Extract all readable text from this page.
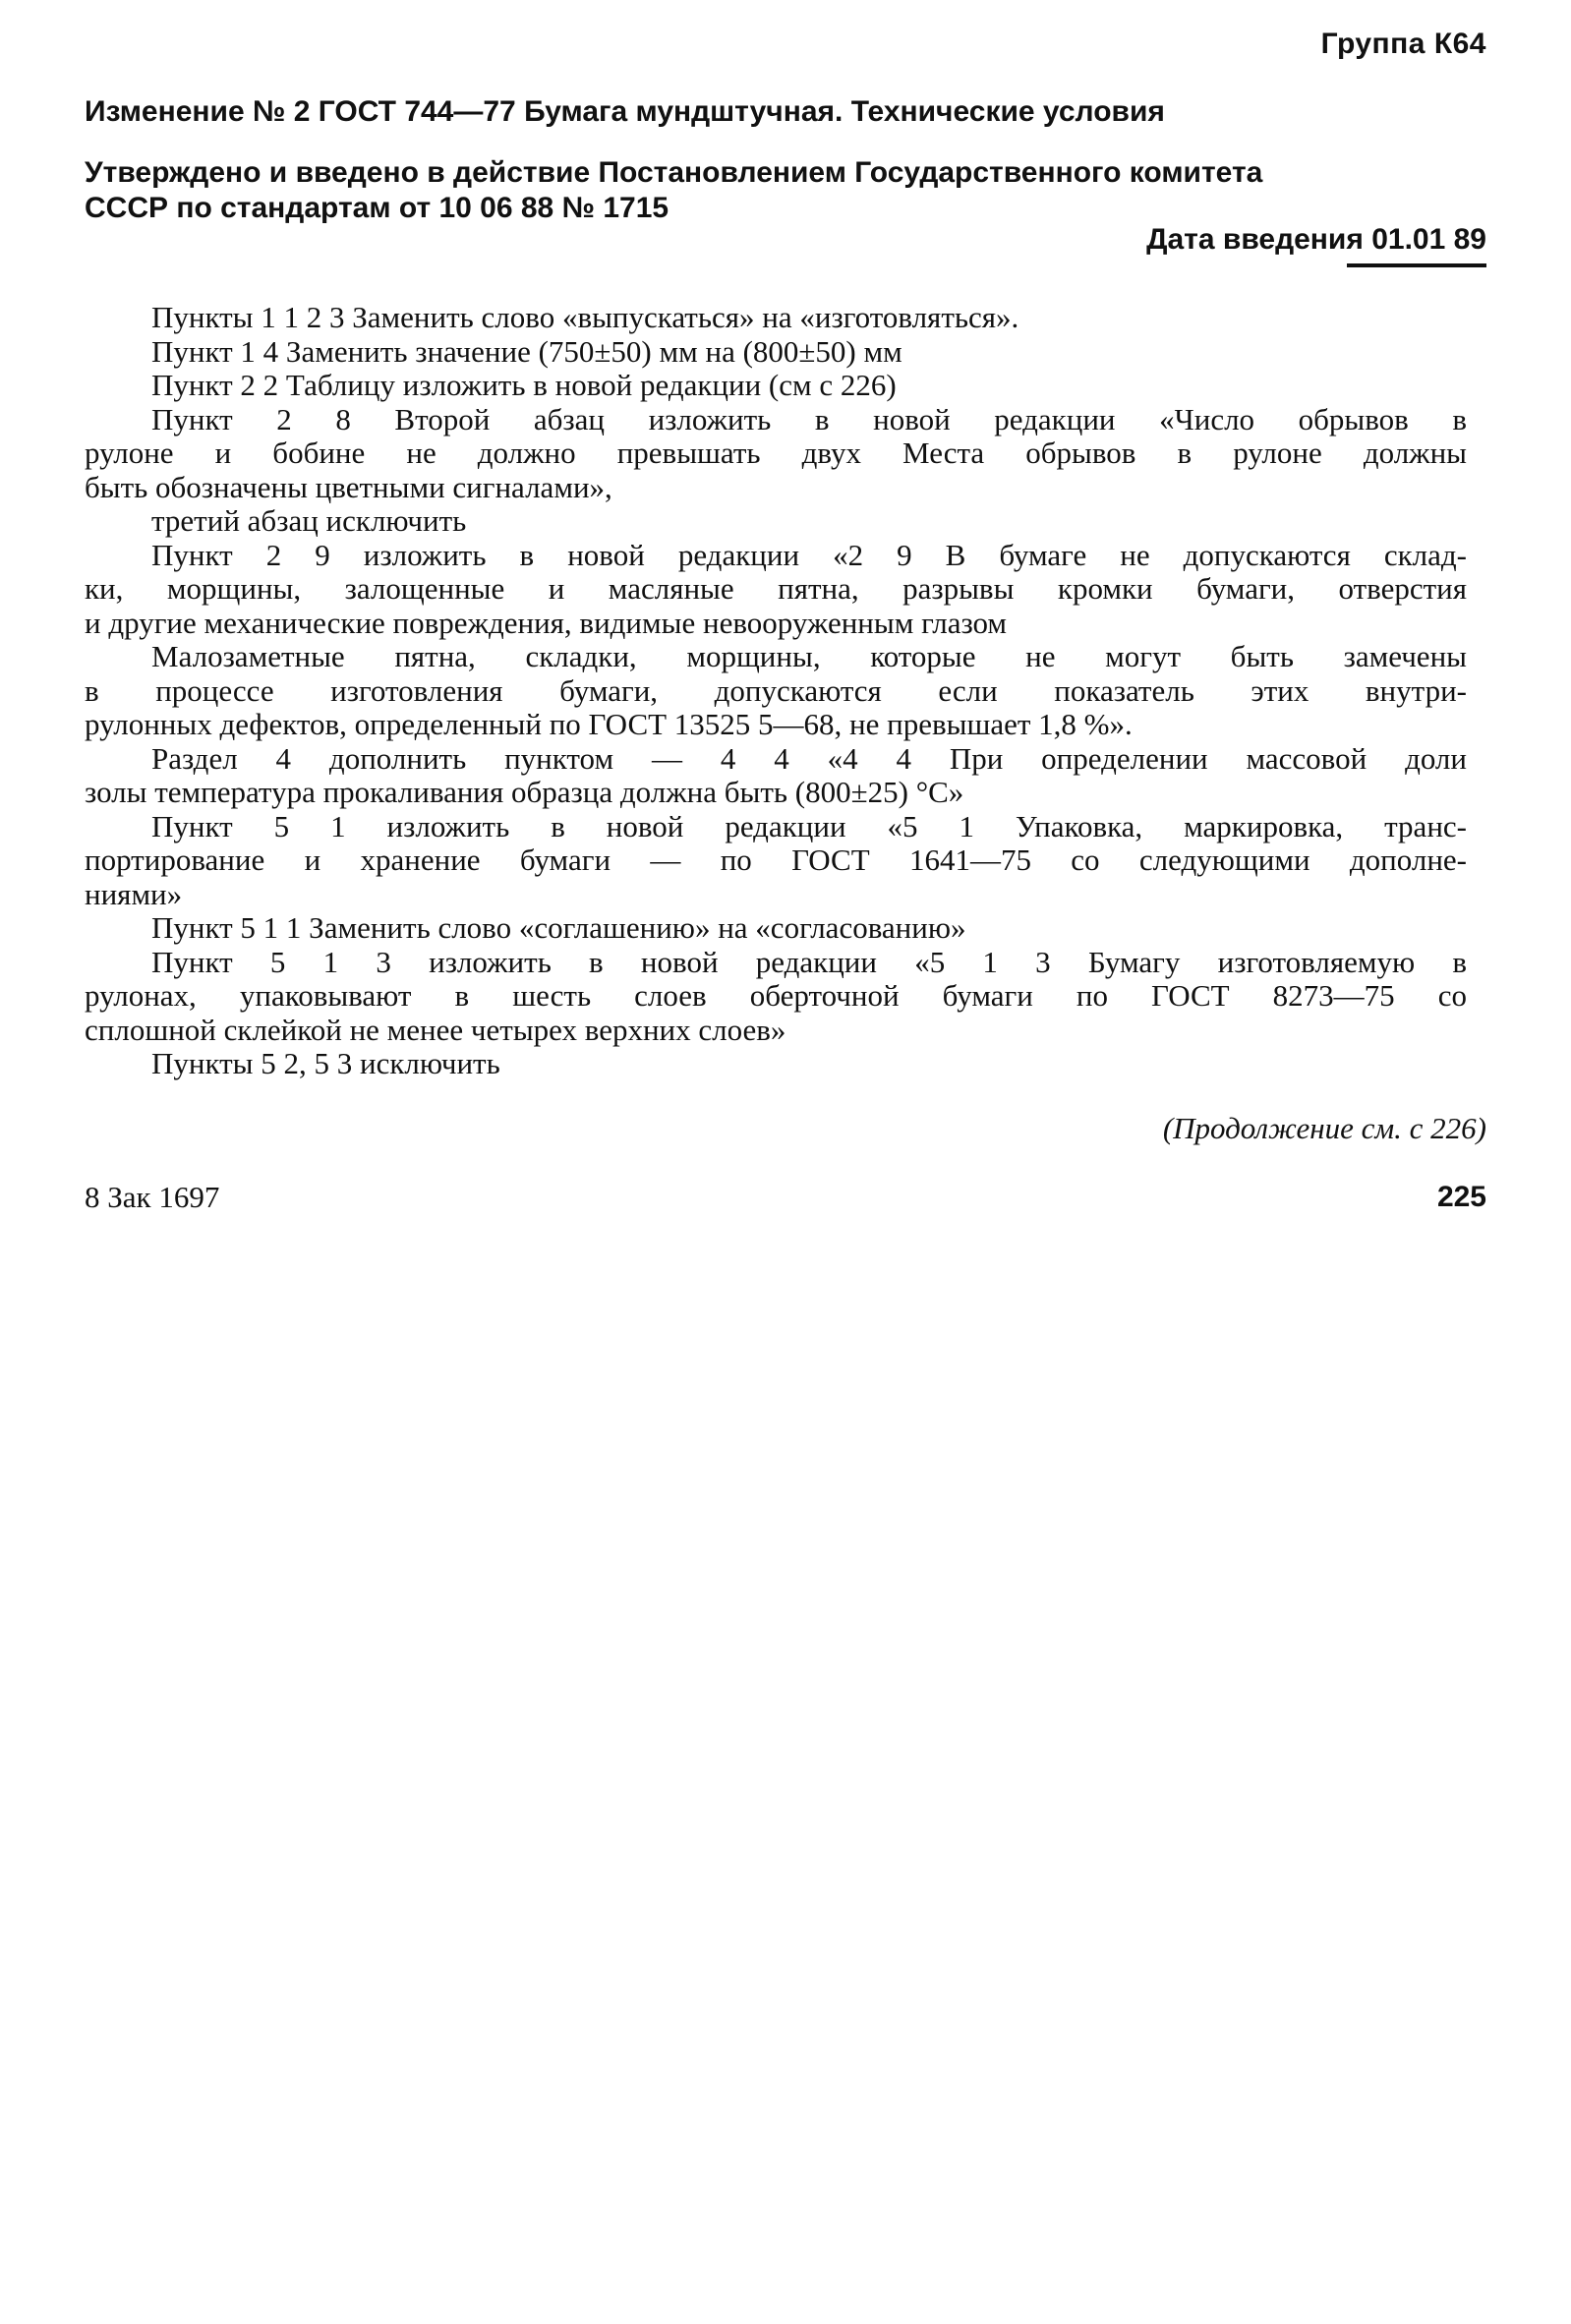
Группа К64
Изменение № 2 ГОСТ 744—77 Бумага мундштучная. Технические условия
Утверждено и введено в действие Постановлением Государственного комитета
СССР по стандартам от 10 06 88 № 1715
Дата введения 01.01 89
Пункты 1 1 2 3 Заменить слово «выпускаться» на «изготовляться».
Пункт 1 4 Заменить значение (750±50) мм на (800±50) мм
Пункт 2 2 Таблицу изложить в новой редакции (см с 226)
Пункт 2 8 Второй абзац изложить в новой редакции «Число обрывов в
рулоне и бобине не должно превышать двух Места обрывов в рулоне должны
быть обозначены цветными сигналами»,
третий абзац исключить
Пункт 2 9 изложить в новой редакции «2 9 В бумаге не допускаются склад-
ки, морщины, залощенные и масляные пятна, разрывы кромки бумаги, отверстия
и другие механические повреждения, видимые невооруженным глазом
Малозаметные пятна, складки, морщины, которые не могут быть замечены
в процессе изготовления бумаги, допускаются если показатель этих внутри-
рулонных дефектов, определенный по ГОСТ 13525 5—68, не превышает 1,8 %».
Раздел 4 дополнить пунктом — 4 4 «4 4 При определении массовой доли
золы температура прокаливания образца должна быть (800±25) °С»
Пункт 5 1 изложить в новой редакции «5 1 Упаковка, маркировка, транс-
портирование и хранение бумаги — по ГОСТ 1641—75 со следующими дополне-
ниями»
Пункт 5 1 1 Заменить слово «соглашению» на «согласованию»
Пункт 5 1 3 изложить в новой редакции «5 1 3 Бумагу изготовляемую в
рулонах, упаковывают в шесть слоев оберточной бумаги по ГОСТ 8273—75 со
сплошной склейкой не менее четырех верхних слоев»
Пункты 5 2, 5 3 исключить
(Продолжение см. с 226)
8 Зак 1697	225
